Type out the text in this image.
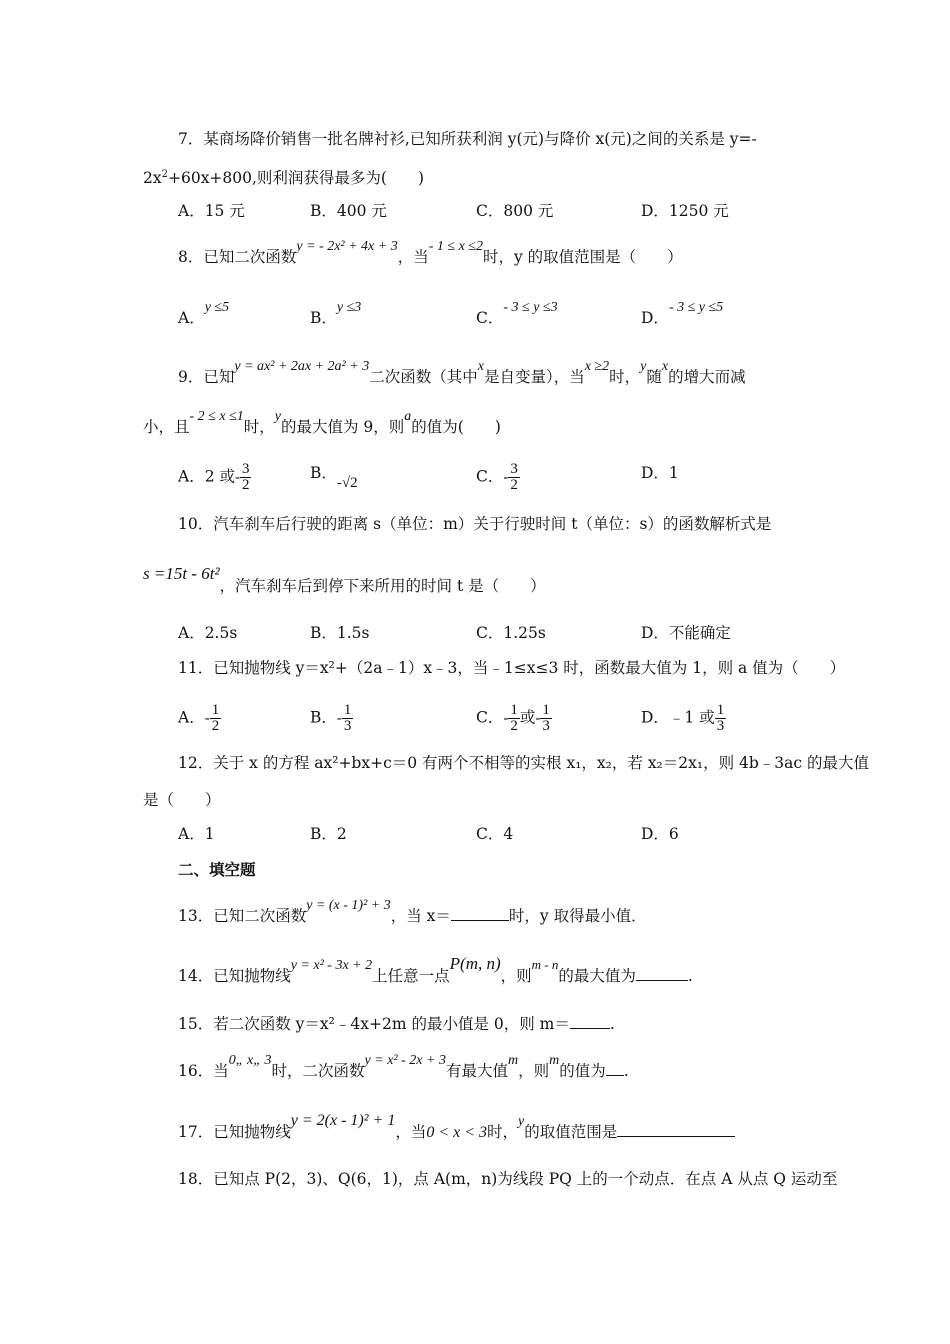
7．某商场降价销售一批名牌衬衫,已知所获利润 y(元)与降价 x(元)之间的关系是 y=-
$2x^2+60x+800$,则利润获得最多为(　　)
A．15 元	B．400 元	C．800 元	D．1250 元
8．已知二次函数y = - 2x² + 4x + 3，当- 1 ≤ x ≤2时，y 的取值范围是（　　）
A．y ≤5
B．y ≤3
C．- 3 ≤ y ≤3
D．- 3 ≤ y ≤5
9．已知y = ax² + 2ax + 2a² + 3二次函数（其中x是自变量），当x ≥2时，y随x的增大而减
小，且- 2 ≤ x ≤1时，y的最大值为 9，则a的值为(　　)
A．2 或- $\frac{3}{2}$	B．-√2	C．- $\frac{3}{2}$	D．1
10．汽车刹车后行驶的距离 s（单位：m）关于行驶时间 t（单位：s）的函数解析式是
s =15t - 6t²，汽车刹车后到停下来所用的时间 t 是（　　）
A．2.5s	B．1.5s	C．1.25s	D．不能确定
11．已知抛物线 y＝x²+（2a﹣1）x﹣3，当﹣1≤x≤3 时，函数最大值为 1，则 a 值为（　　）
A．- $\frac{1}{2}$	B．- $\frac{1}{3}$	C．- $\frac{1}{2}$ 或- $\frac{1}{3}$	D．﹣1 或 $\frac{1}{3}$
12．关于 x 的方程 ax²+bx+c＝0 有两个不相等的实根 x₁，x₂，若 x₂＝2x₁，则 4b﹣3ac 的最大值
是（　　）
A．1	B．2	C．4	D．6
二、填空题
13．已知二次函数y = (x - 1)² + 3，当 x＝	时，y 取得最小值．
14．已知抛物线y = x² - 3x + 2上任意一点P(m, n)，则$^{m - n}$的最大值为	.
15．若二次函数 y＝x²﹣4x+2m 的最小值是 0，则 m＝	.
16．当0„ x„ 3时，二次函数y = x² - 2x + 3有最大值m，则m的值为 .
17．已知抛物线y = 2(x - 1)² + 1，当0 < x < 3时，y的取值范围是
18．已知点 P(2，3)、Q(6，1)，点 A(m，n)为线段 PQ 上的一个动点．在点 A 从点 Q 运动至
